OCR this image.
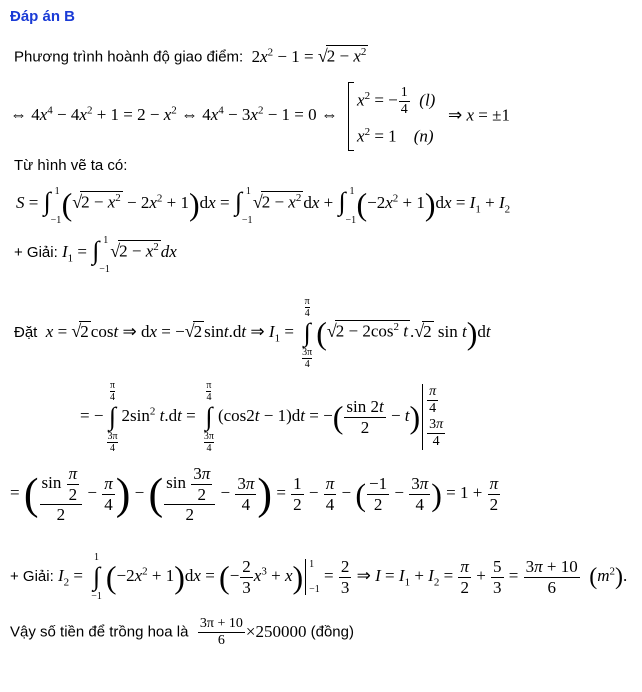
Đáp án B
Phương trình hoành độ giao điểm:  $2x^2 - 1 = √2 - x^2$
⇔ $4x^4 - 4x^2 + 1 = 2 - x^2$ ⇔ $4x^4 - 3x^2 - 1 = 0$ ⇔
$x^2$ = − $\frac{1}{4} (l)$
$x^2 = 1$    (n)
⇒ x = ±1
Từ hình vẽ ta có:
S = ∫ 1
−1 $(√2 - x^2 - 2x^2 + 1)dx$ = ∫ 1
−1
$√2 - x^2$ dx + ∫ 1
−1 $(-2x^2 + 1)dx = I_1 + I_2$
+ Giải: $I_1$ = ∫ 1
−1
$√2 - x^2$ dx
Đặt x = √2 cost ⇒ dx = −√2 sint.dt ⇒ $I_1$ =
$\frac{\pi}{4}$
∫
$\frac{3\pi}{4}$
($√2 - 2\cos^2$ t .√2 sin t)dt
= −
$\frac{\pi}{4}$
∫
$\frac{3\pi}{4}$
$2\sin^2$ t.dt =
$\frac{\pi}{4}$
∫
$\frac{3\pi}{4}$
(cos2t − 1)dt = −( $\frac{\sin 2t}{2} - t) \frac{\pi}{4}$
$\frac{3\pi}{4}$
= ( $\frac{\sin \frac{\pi}{2}}{2} - \frac{\pi}{4}$ ) − ( $\frac{\sin \frac{3\pi}{2}}{2} - \frac{3\pi}{4}$ ) = $\frac{1}{2} - \frac{\pi}{4}$ − ( $\frac{-1}{2} - \frac{3\pi}{4}$ ) = $1 + \frac{\pi}{2}$
+ Giải: $I_2$ =
1
∫
−1
$(-2x^2 + 1)dx$ = (− $\frac{2}{3} x^3 + x$) 1
−1
= $\frac{2}{3}$ ⇒ $I = I_1 + I_2 = \frac{\pi}{2} + \frac{5}{3} = \frac{3\pi + 10}{6} (m^2)$.
Vậy số tiền để trồng hoa là $\frac{3\pi + 10}{6} \times 250000$ (đồng)
